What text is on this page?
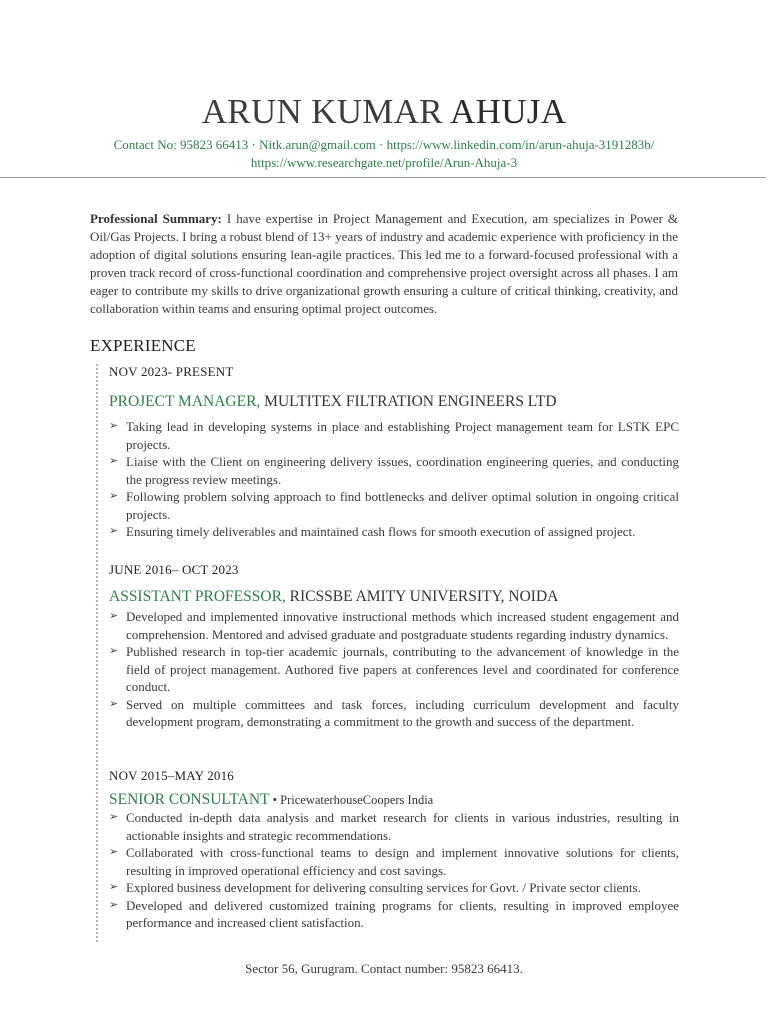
ARUN KUMAR AHUJA
Contact No: 95823 66413 · Nitk.arun@gmail.com · https://www.linkedin.com/in/arun-ahuja-3191283b/
https://www.researchgate.net/profile/Arun-Ahuja-3
Professional Summary: I have expertise in Project Management and Execution, am specializes in Power & Oil/Gas Projects. I bring a robust blend of 13+ years of industry and academic experience with proficiency in the adoption of digital solutions ensuring lean-agile practices. This led me to a forward-focused professional with a proven track record of cross-functional coordination and comprehensive project oversight across all phases. I am eager to contribute my skills to drive organizational growth ensuring a culture of critical thinking, creativity, and collaboration within teams and ensuring optimal project outcomes.
EXPERIENCE
NOV 2023- PRESENT
PROJECT MANAGER, MULTITEX FILTRATION ENGINEERS LTD
➢ Taking lead in developing systems in place and establishing Project management team for LSTK EPC projects.
➢ Liaise with the Client on engineering delivery issues, coordination engineering queries, and conducting the progress review meetings.
➢ Following problem solving approach to find bottlenecks and deliver optimal solution in ongoing critical projects.
➢ Ensuring timely deliverables and maintained cash flows for smooth execution of assigned project.
JUNE 2016– OCT 2023
ASSISTANT PROFESSOR, RICSSBE AMITY UNIVERSITY, NOIDA
➢ Developed and implemented innovative instructional methods which increased student engagement and comprehension. Mentored and advised graduate and postgraduate students regarding industry dynamics.
➢ Published research in top-tier academic journals, contributing to the advancement of knowledge in the field of project management. Authored five papers at conferences level and coordinated for conference conduct.
➢ Served on multiple committees and task forces, including curriculum development and faculty development program, demonstrating a commitment to the growth and success of the department.
NOV 2015–MAY 2016
SENIOR CONSULTANT • PricewaterhouseCoopers India
➢ Conducted in-depth data analysis and market research for clients in various industries, resulting in actionable insights and strategic recommendations.
➢ Collaborated with cross-functional teams to design and implement innovative solutions for clients, resulting in improved operational efficiency and cost savings.
➢ Explored business development for delivering consulting services for Govt. / Private sector clients.
➢ Developed and delivered customized training programs for clients, resulting in improved employee performance and increased client satisfaction.
Sector 56, Gurugram. Contact number: 95823 66413.
